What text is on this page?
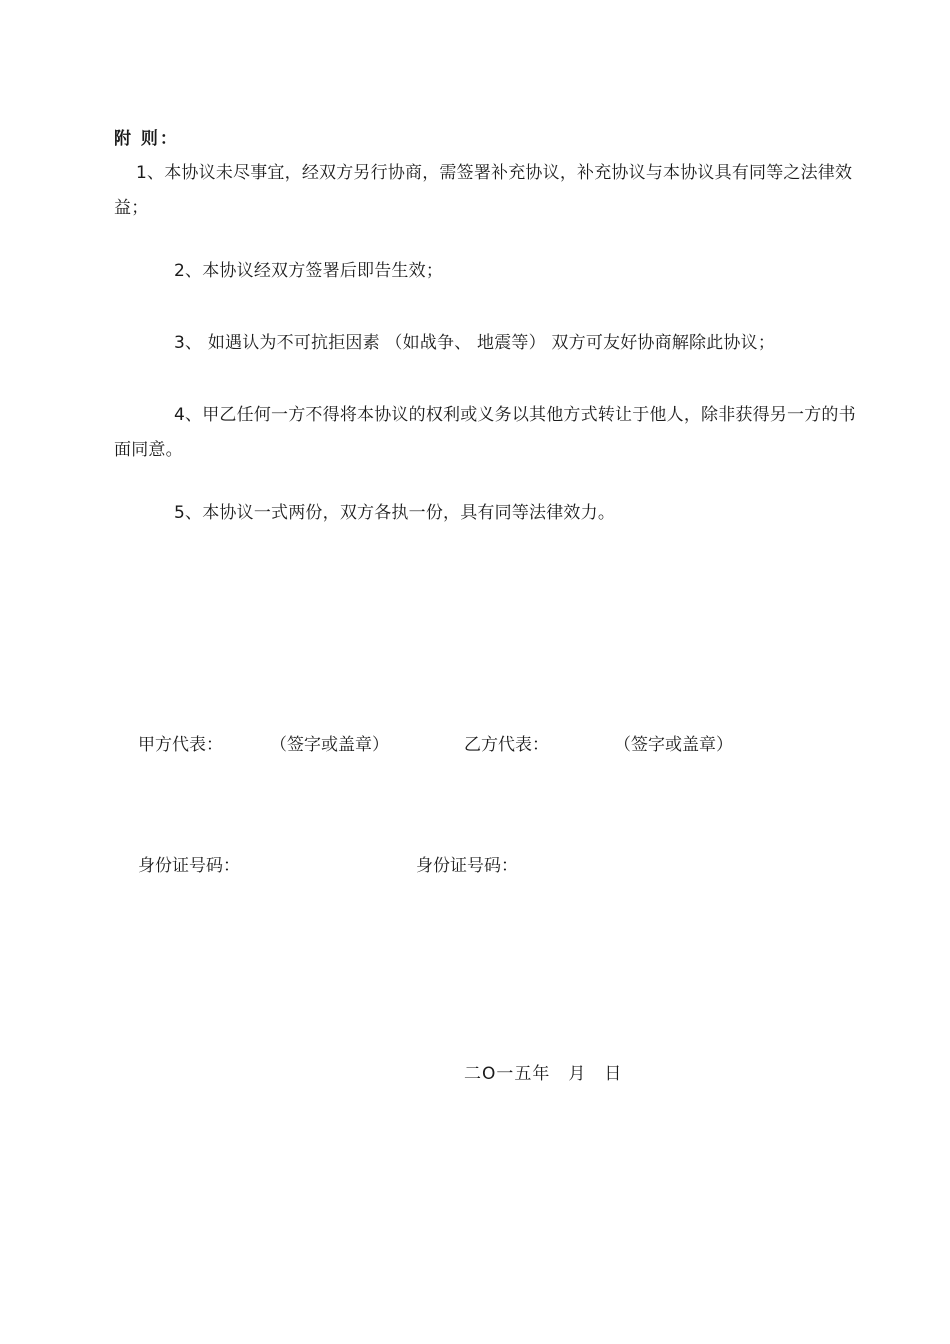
附 则：
1、本协议未尽事宜，经双方另行协商，需签署补充协议，补充协议与本协议具有同等之法律效益；
2、本协议经双方签署后即告生效；
3、 如遇认为不可抗拒因素 （如战争、 地震等） 双方可友好协商解除此协议；
4、甲乙任何一方不得将本协议的权利或义务以其他方式转让于他人，除非获得另一方的书面同意。
5、本协议一式两份，双方各执一份，具有同等法律效力。
甲方代表：	（签字或盖章）	乙方代表：	（签字或盖章）
身份证号码：	身份证号码：
二O一五年　月　日
